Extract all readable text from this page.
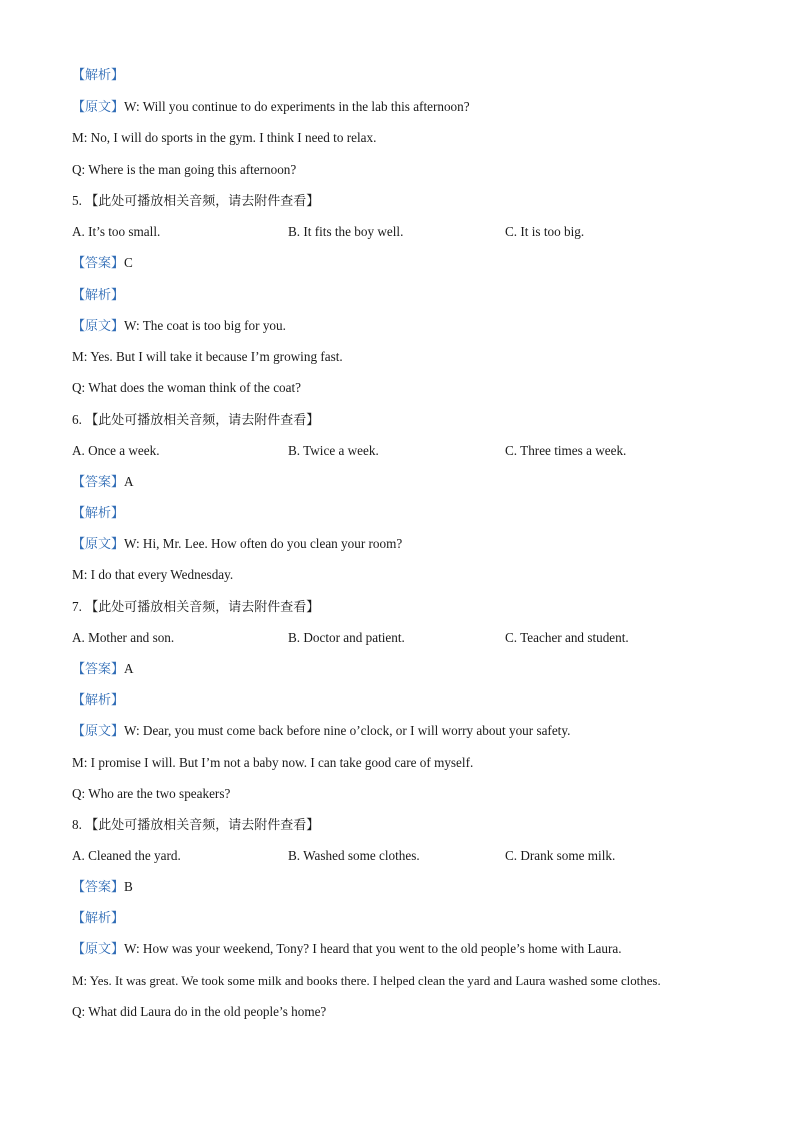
【解析】
【原文】W: Will you continue to do experiments in the lab this afternoon?
M: No, I will do sports in the gym. I think I need to relax.
Q: Where is the man going this afternoon?
5. 【此处可播放相关音频，请去附件查看】
A. It’s too small.	B. It fits the boy well.	C. It is too big.
【答案】C
【解析】
【原文】W: The coat is too big for you.
M: Yes. But I will take it because I’m growing fast.
Q: What does the woman think of the coat?
6. 【此处可播放相关音频，请去附件查看】
A. Once a week.	B. Twice a week.	C. Three times a week.
【答案】A
【解析】
【原文】W: Hi, Mr. Lee. How often do you clean your room?
M: I do that every Wednesday.
7. 【此处可播放相关音频，请去附件查看】
A. Mother and son.	B. Doctor and patient.	C. Teacher and student.
【答案】A
【解析】
【原文】W: Dear, you must come back before nine o’clock, or I will worry about your safety.
M: I promise I will. But I’m not a baby now. I can take good care of myself.
Q: Who are the two speakers?
8. 【此处可播放相关音频，请去附件查看】
A. Cleaned the yard.	B. Washed some clothes.	C. Drank some milk.
【答案】B
【解析】
【原文】W: How was your weekend, Tony? I heard that you went to the old people’s home with Laura.
M: Yes. It was great. We took some milk and books there. I helped clean the yard and Laura washed some clothes.
Q: What did Laura do in the old people’s home?
